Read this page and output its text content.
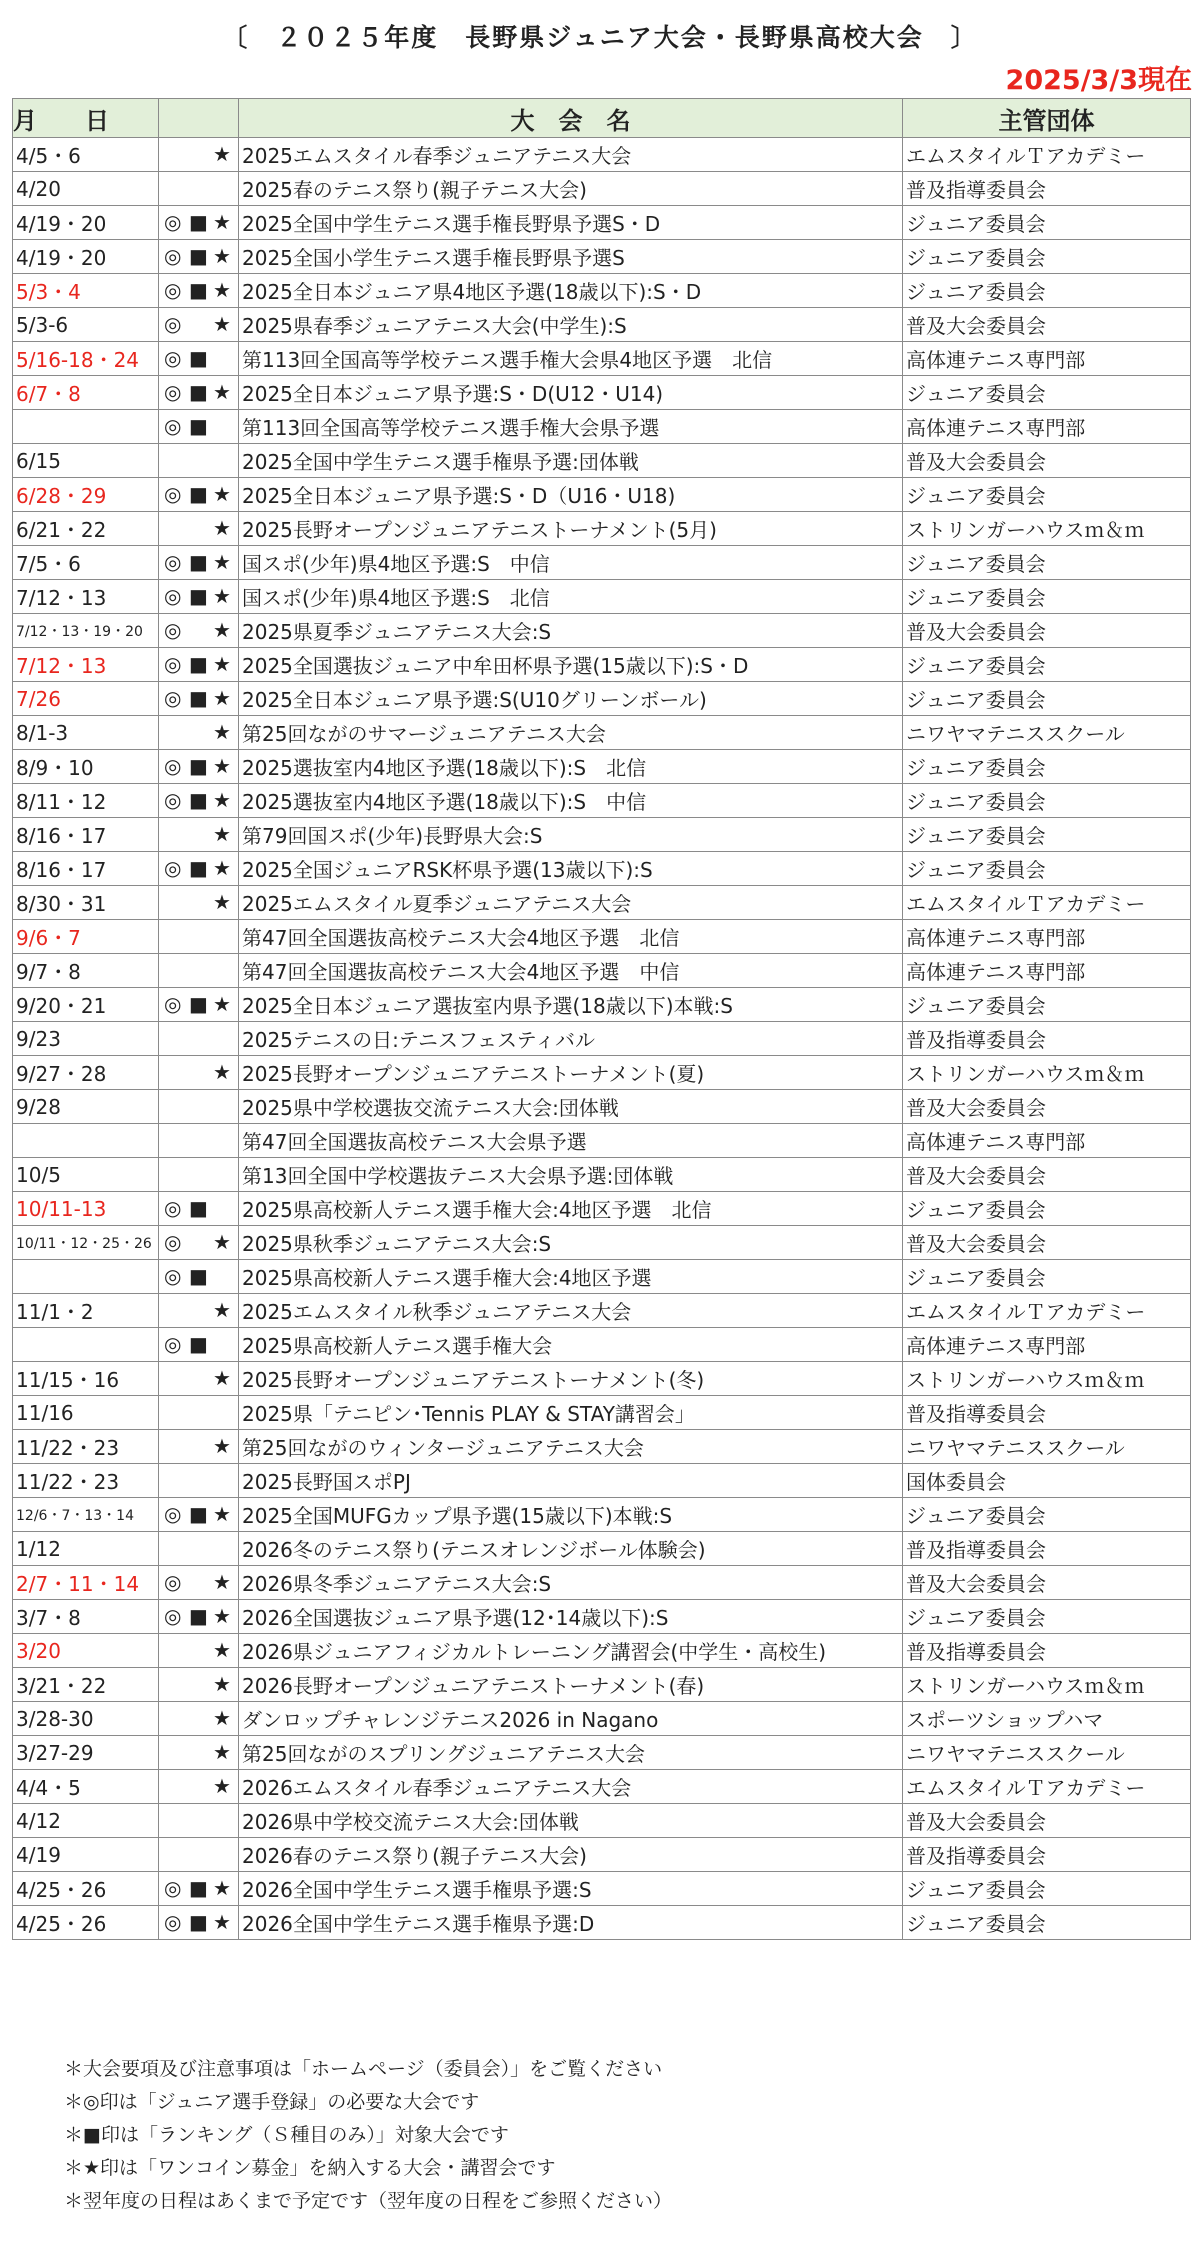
〔　２０２５年度　長野県ジュニア大会・長野県高校大会　〕
2025/3/3現在
月　　日		大　会　名	主管団体
4/5・6	★	2025エムスタイル春季ジュニアテニス大会	エムスタイルＴアカデミー
4/20		2025春のテニス祭り(親子テニス大会)	普及指導委員会
4/19・20	◎ ■ ★	2025全国中学生テニス選手権長野県予選S・D	ジュニア委員会
4/19・20	◎ ■ ★	2025全国小学生テニス選手権長野県予選S	ジュニア委員会
5/3・4	◎ ■ ★	2025全日本ジュニア県4地区予選(18歳以下):S・D	ジュニア委員会
5/3-6	◎ ★	2025県春季ジュニアテニス大会(中学生):S	普及大会委員会
5/16-18・24	◎ ■	第113回全国高等学校テニス選手権大会県4地区予選　北信	高体連テニス専門部
6/7・8	◎ ■ ★	2025全日本ジュニア県予選:S・D(U12・U14)	ジュニア委員会

	◎ ■	第113回全国高等学校テニス選手権大会県予選	高体連テニス専門部
6/15		2025全国中学生テニス選手権県予選:団体戦	普及大会委員会
6/28・29	◎ ■ ★	2025全日本ジュニア県予選:S・D（U16・U18)	ジュニア委員会
6/21・22	★	2025長野オープンジュニアテニストーナメント(5月)	ストリンガーハウスｍ＆ｍ
7/5・6	◎ ■ ★	国スポ(少年)県4地区予選:S　中信	ジュニア委員会
7/12・13	◎ ■ ★	国スポ(少年)県4地区予選:S　北信	ジュニア委員会
7/12・13・19・20	◎ ★	2025県夏季ジュニアテニス大会:S	普及大会委員会
7/12・13	◎ ■ ★	2025全国選抜ジュニア中牟田杯県予選(15歳以下):S・D	ジュニア委員会
7/26	◎ ■ ★	2025全日本ジュニア県予選:S(U10グリーンボール)	ジュニア委員会
8/1-3	★	第25回ながのサマージュニアテニス大会	ニワヤマテニススクール
8/9・10	◎ ■ ★	2025選抜室内4地区予選(18歳以下):S　北信	ジュニア委員会
8/11・12	◎ ■ ★	2025選抜室内4地区予選(18歳以下):S　中信	ジュニア委員会
8/16・17	★	第79回国スポ(少年)長野県大会:S	ジュニア委員会
8/16・17	◎ ■ ★	2025全国ジュニアRSK杯県予選(13歳以下):S	ジュニア委員会
8/30・31	★	2025エムスタイル夏季ジュニアテニス大会	エムスタイルＴアカデミー
9/6・7		第47回全国選抜高校テニス大会4地区予選　北信	高体連テニス専門部
9/7・8		第47回全国選抜高校テニス大会4地区予選　中信	高体連テニス専門部
9/20・21	◎ ■ ★	2025全日本ジュニア選抜室内県予選(18歳以下)本戦:S	ジュニア委員会
9/23		2025テニスの日:テニスフェスティバル	普及指導委員会
9/27・28	★	2025長野オープンジュニアテニストーナメント(夏)	ストリンガーハウスｍ＆ｍ
9/28		2025県中学校選抜交流テニス大会:団体戦	普及大会委員会

	第47回全国選抜高校テニス大会県予選	高体連テニス専門部
10/5		第13回全国中学校選抜テニス大会県予選:団体戦	普及大会委員会
10/11-13	◎ ■	2025県高校新人テニス選手権大会:4地区予選　北信	ジュニア委員会
10/11・12・25・26	◎ ★	2025県秋季ジュニアテニス大会:S	普及大会委員会

	◎ ■	2025県高校新人テニス選手権大会:4地区予選	ジュニア委員会
11/1・2	★	2025エムスタイル秋季ジュニアテニス大会	エムスタイルＴアカデミー

	◎ ■	2025県高校新人テニス選手権大会	高体連テニス専門部
11/15・16	★	2025長野オープンジュニアテニストーナメント(冬)	ストリンガーハウスｍ＆ｍ
11/16		2025県「テニピン･Tennis PLAY & STAY講習会」	普及指導委員会
11/22・23	★	第25回ながのウィンタージュニアテニス大会	ニワヤマテニススクール
11/22・23		2025長野国スポPJ	国体委員会
12/6・7・13・14	◎ ■ ★	2025全国MUFGカップ県予選(15歳以下)本戦:S	ジュニア委員会
1/12		2026冬のテニス祭り(テニスオレンジボール体験会)	普及指導委員会
2/7・11・14	◎ ★	2026県冬季ジュニアテニス大会:S	普及大会委員会
3/7・8	◎ ■ ★	2026全国選抜ジュニア県予選(12･14歳以下):S	ジュニア委員会
3/20	★	2026県ジュニアフィジカルトレーニング講習会(中学生・高校生)	普及指導委員会
3/21・22	★	2026長野オープンジュニアテニストーナメント(春)	ストリンガーハウスｍ＆ｍ
3/28-30	★	ダンロップチャレンジテニス2026 in Nagano	スポーツショップハマ
3/27-29	★	第25回ながのスプリングジュニアテニス大会	ニワヤマテニススクール
4/4・5	★	2026エムスタイル春季ジュニアテニス大会	エムスタイルＴアカデミー
4/12		2026県中学校交流テニス大会:団体戦	普及大会委員会
4/19		2026春のテニス祭り(親子テニス大会)	普及指導委員会
4/25・26	◎ ■ ★	2026全国中学生テニス選手権県予選:S	ジュニア委員会
4/25・26	◎ ■ ★	2026全国中学生テニス選手権県予選:D	ジュニア委員会
＊大会要項及び注意事項は「ホームページ（委員会）」をご覧ください
＊◎印は「ジュニア選手登録」の必要な大会です
＊■印は「ランキング（Ｓ種目のみ）」対象大会です
＊★印は「ワンコイン募金」を納入する大会・講習会です
＊翌年度の日程はあくまで予定です（翌年度の日程をご参照ください）
